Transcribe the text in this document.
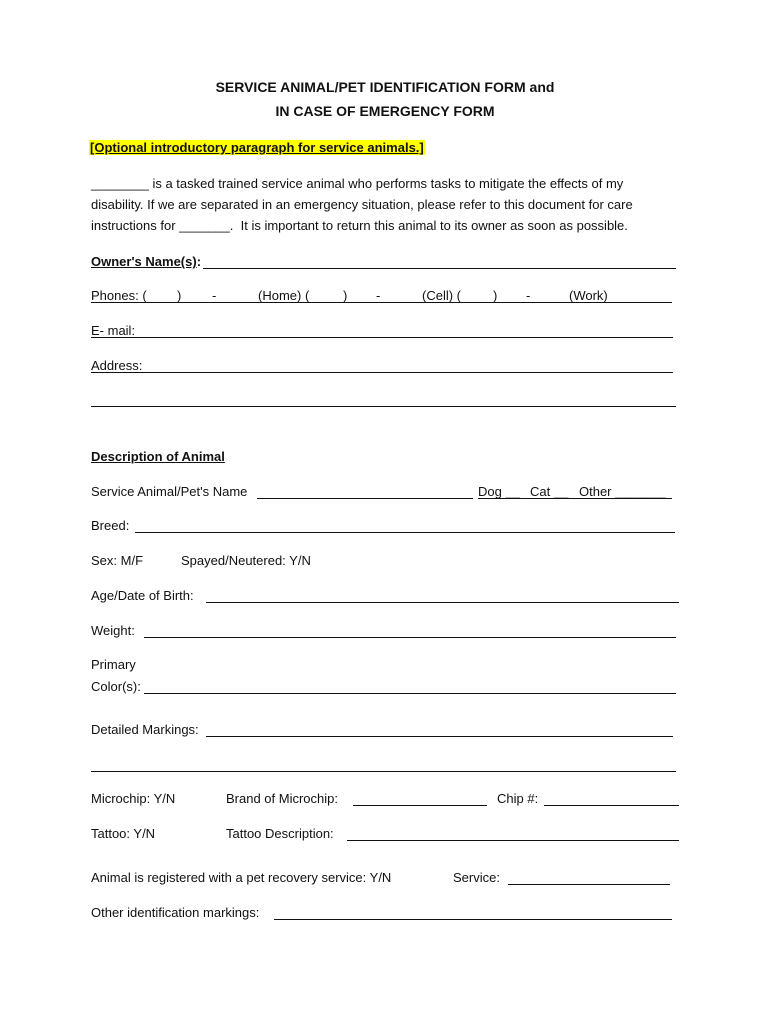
SERVICE ANIMAL/PET IDENTIFICATION FORM and
IN CASE OF EMERGENCY FORM
[Optional introductory paragraph for service animals.]
________ is a tasked trained service animal who performs tasks to mitigate the effects of my
disability. If we are separated in an emergency situation, please refer to this document for care
instructions for _______. It is important to return this animal to its owner as soon as possible.
Owner's Name(s):
Phones: ( ) -	(Home) (	) -	(Cell) ( ) -	(Work)
E- mail:
Address:
Description of Animal
Service Animal/Pet's Name	Dog __ Cat __ Other _______
Breed:
Sex: M/F	Spayed/Neutered: Y/N
Age/Date of Birth:
Weight:
Primary
Color(s):
Detailed Markings:
Microchip: Y/N	Brand of Microchip:	Chip #:
Tattoo: Y/N	Tattoo Description:
Animal is registered with a pet recovery service: Y/N	Service:
Other identification markings:
